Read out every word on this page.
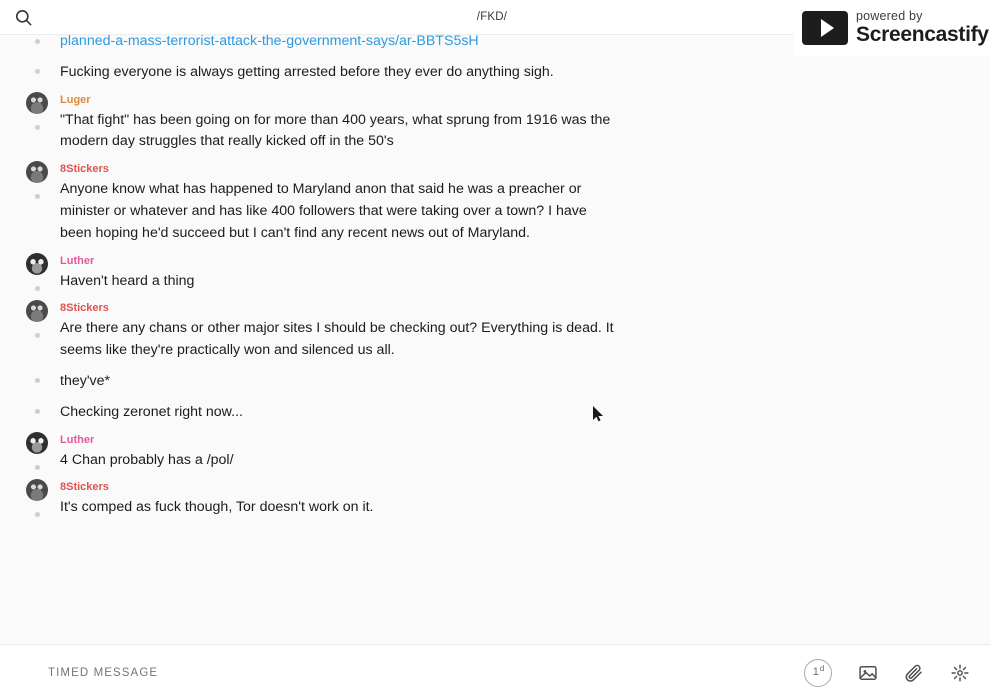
/FKD/
planned-a-mass-terrorist-attack-the-government-says/ar-BBTS5sH
Fucking everyone is always getting arrested before they ever do anything sigh.
Luger
"That fight" has been going on for more than 400 years, what sprung from 1916 was the modern day struggles that really kicked off in the 50's
8Stickers
Anyone know what has happened to Maryland anon that said he was a preacher or minister or whatever and has like 400 followers that were taking over a town? I have been hoping he'd succeed but I can't find any recent news out of Maryland.
Luther
Haven't heard a thing
8Stickers
Are there any chans or other major sites I should be checking out? Everything is dead. It seems like they're practically won and silenced us all.
they've*
Checking zeronet right now...
Luther
4 Chan probably has a /pol/
8Stickers
It's comped as fuck though, Tor doesn't work on it.
TIMED MESSAGE
1 d
powered by
Screencastify
